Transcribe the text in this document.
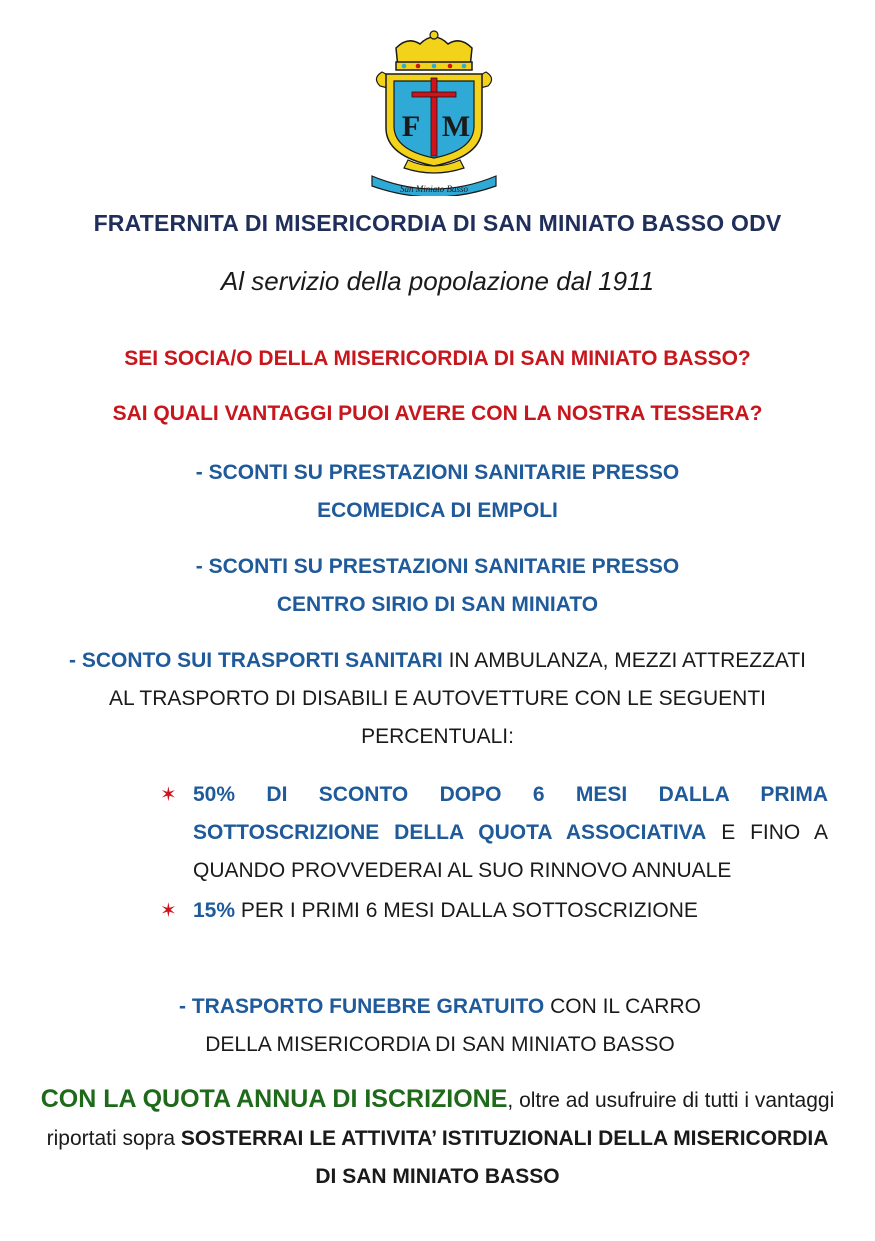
F M
San Miniato Basso
FRATERNITA DI MISERICORDIA DI SAN MINIATO BASSO ODV
Al servizio della popolazione dal 1911
SEI SOCIA/O DELLA MISERICORDIA DI SAN MINIATO BASSO?
SAI QUALI VANTAGGI PUOI AVERE CON LA NOSTRA TESSERA?
- SCONTI SU PRESTAZIONI SANITARIE PRESSO
ECOMEDICA DI EMPOLI
- SCONTI SU PRESTAZIONI SANITARIE PRESSO
CENTRO SIRIO DI SAN MINIATO
- SCONTO SUI TRASPORTI SANITARI IN AMBULANZA, MEZZI ATTREZZATI AL TRASPORTO DI DISABILI E AUTOVETTURE CON LE SEGUENTI PERCENTUALI:
✶ 50% DI SCONTO DOPO 6 MESI DALLA PRIMA SOTTOSCRIZIONE DELLA QUOTA ASSOCIATIVA E FINO A QUANDO PROVVEDERAI AL SUO RINNOVO ANNUALE
✶ 15% PER I PRIMI 6 MESI DALLA SOTTOSCRIZIONE
- TRASPORTO FUNEBRE GRATUITO CON IL CARRO DELLA MISERICORDIA DI SAN MINIATO BASSO
CON LA QUOTA ANNUA DI ISCRIZIONE, oltre ad usufruire di tutti i vantaggi riportati sopra SOSTERRAI LE ATTIVITA’ ISTITUZIONALI DELLA MISERICORDIA DI SAN MINIATO BASSO
